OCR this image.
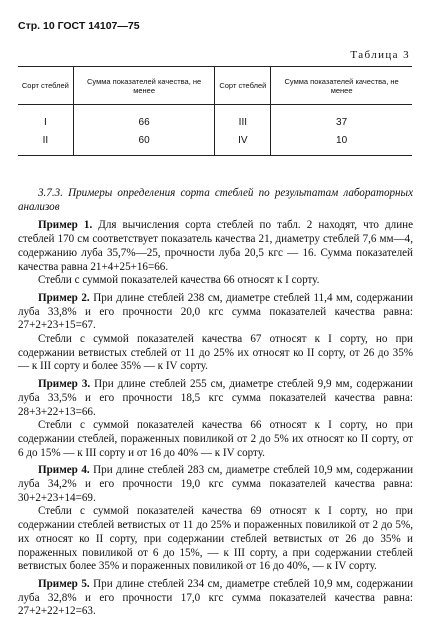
Стр. 10 ГОСТ 14107—75
Таблица 3
Сорт стеблей	Сумма показателей качества, не менее	Сорт стеблей	Сумма показателей качества, не менее
I	66	III	37
II	60	IV	10

3.7.3. Примеры определения сорта стеблей по результатам лабораторных анализов

Пример 1. Для вычисления сорта стеблей по табл. 2 находят, что длине стеблей 170 см соответствует показатель качества 21, диаметру стеблей 7,6 мм—4, содержанию луба 35,7%—25, прочности луба 20,5 кгс — 16. Сумма показателей качества равна 21+4+25+16=66.

Стебли с суммой показателей качества 66 относят к I сорту.

Пример 2. При длине стеблей 238 см, диаметре стеблей 11,4 мм, содержании луба 33,8% и его прочности 20,0 кгс сумма показателей качества равна: 27+2+23+15=67.

Стебли с суммой показателей качества 67 относят к I сорту, но при содержании ветвистых стеблей от 11 до 25% их относят ко II сорту, от 26 до 35% — к III сорту и более 35% — к IV сорту.

Пример 3. При длине стеблей 255 см, диаметре стеблей 9,9 мм, содержании луба 33,5% и его прочности 18,5 кгс сумма показателей качества равна: 28+3+22+13=66.

Стебли с суммой показателей качества 66 относят к I сорту, но при содержании стеблей, пораженных повиликой от 2 до 5% их относят ко II сорту, от 6 до 15% — к III сорту и от 16 до 40% — к IV сорту.

Пример 4. При длине стеблей 283 см, диаметре стеблей 10,9 мм, содержании луба 34,2% и его прочности 19,0 кгс сумма показателей качества равна: 30+2+23+14=69.

Стебли с суммой показателей качества 69 относят к I сорту, но при содержании стеблей ветвистых от 11 до 25% и пораженных повиликой от 2 до 5%, их относят ко II сорту, при содержании стеблей ветвистых от 26 до 35% и пораженных повиликой от 6 до 15%, — к III сорту, а при содержании стеблей ветвистых более 35% и пораженных повиликой от 16 до 40%, — к IV сорту.

Пример 5. При длине стеблей 234 см, диаметре стеблей 10,9 мм, содержании луба 32,8% и его прочности 17,0 кгс сумма показателей качества равна: 27+2+22+12=63.
